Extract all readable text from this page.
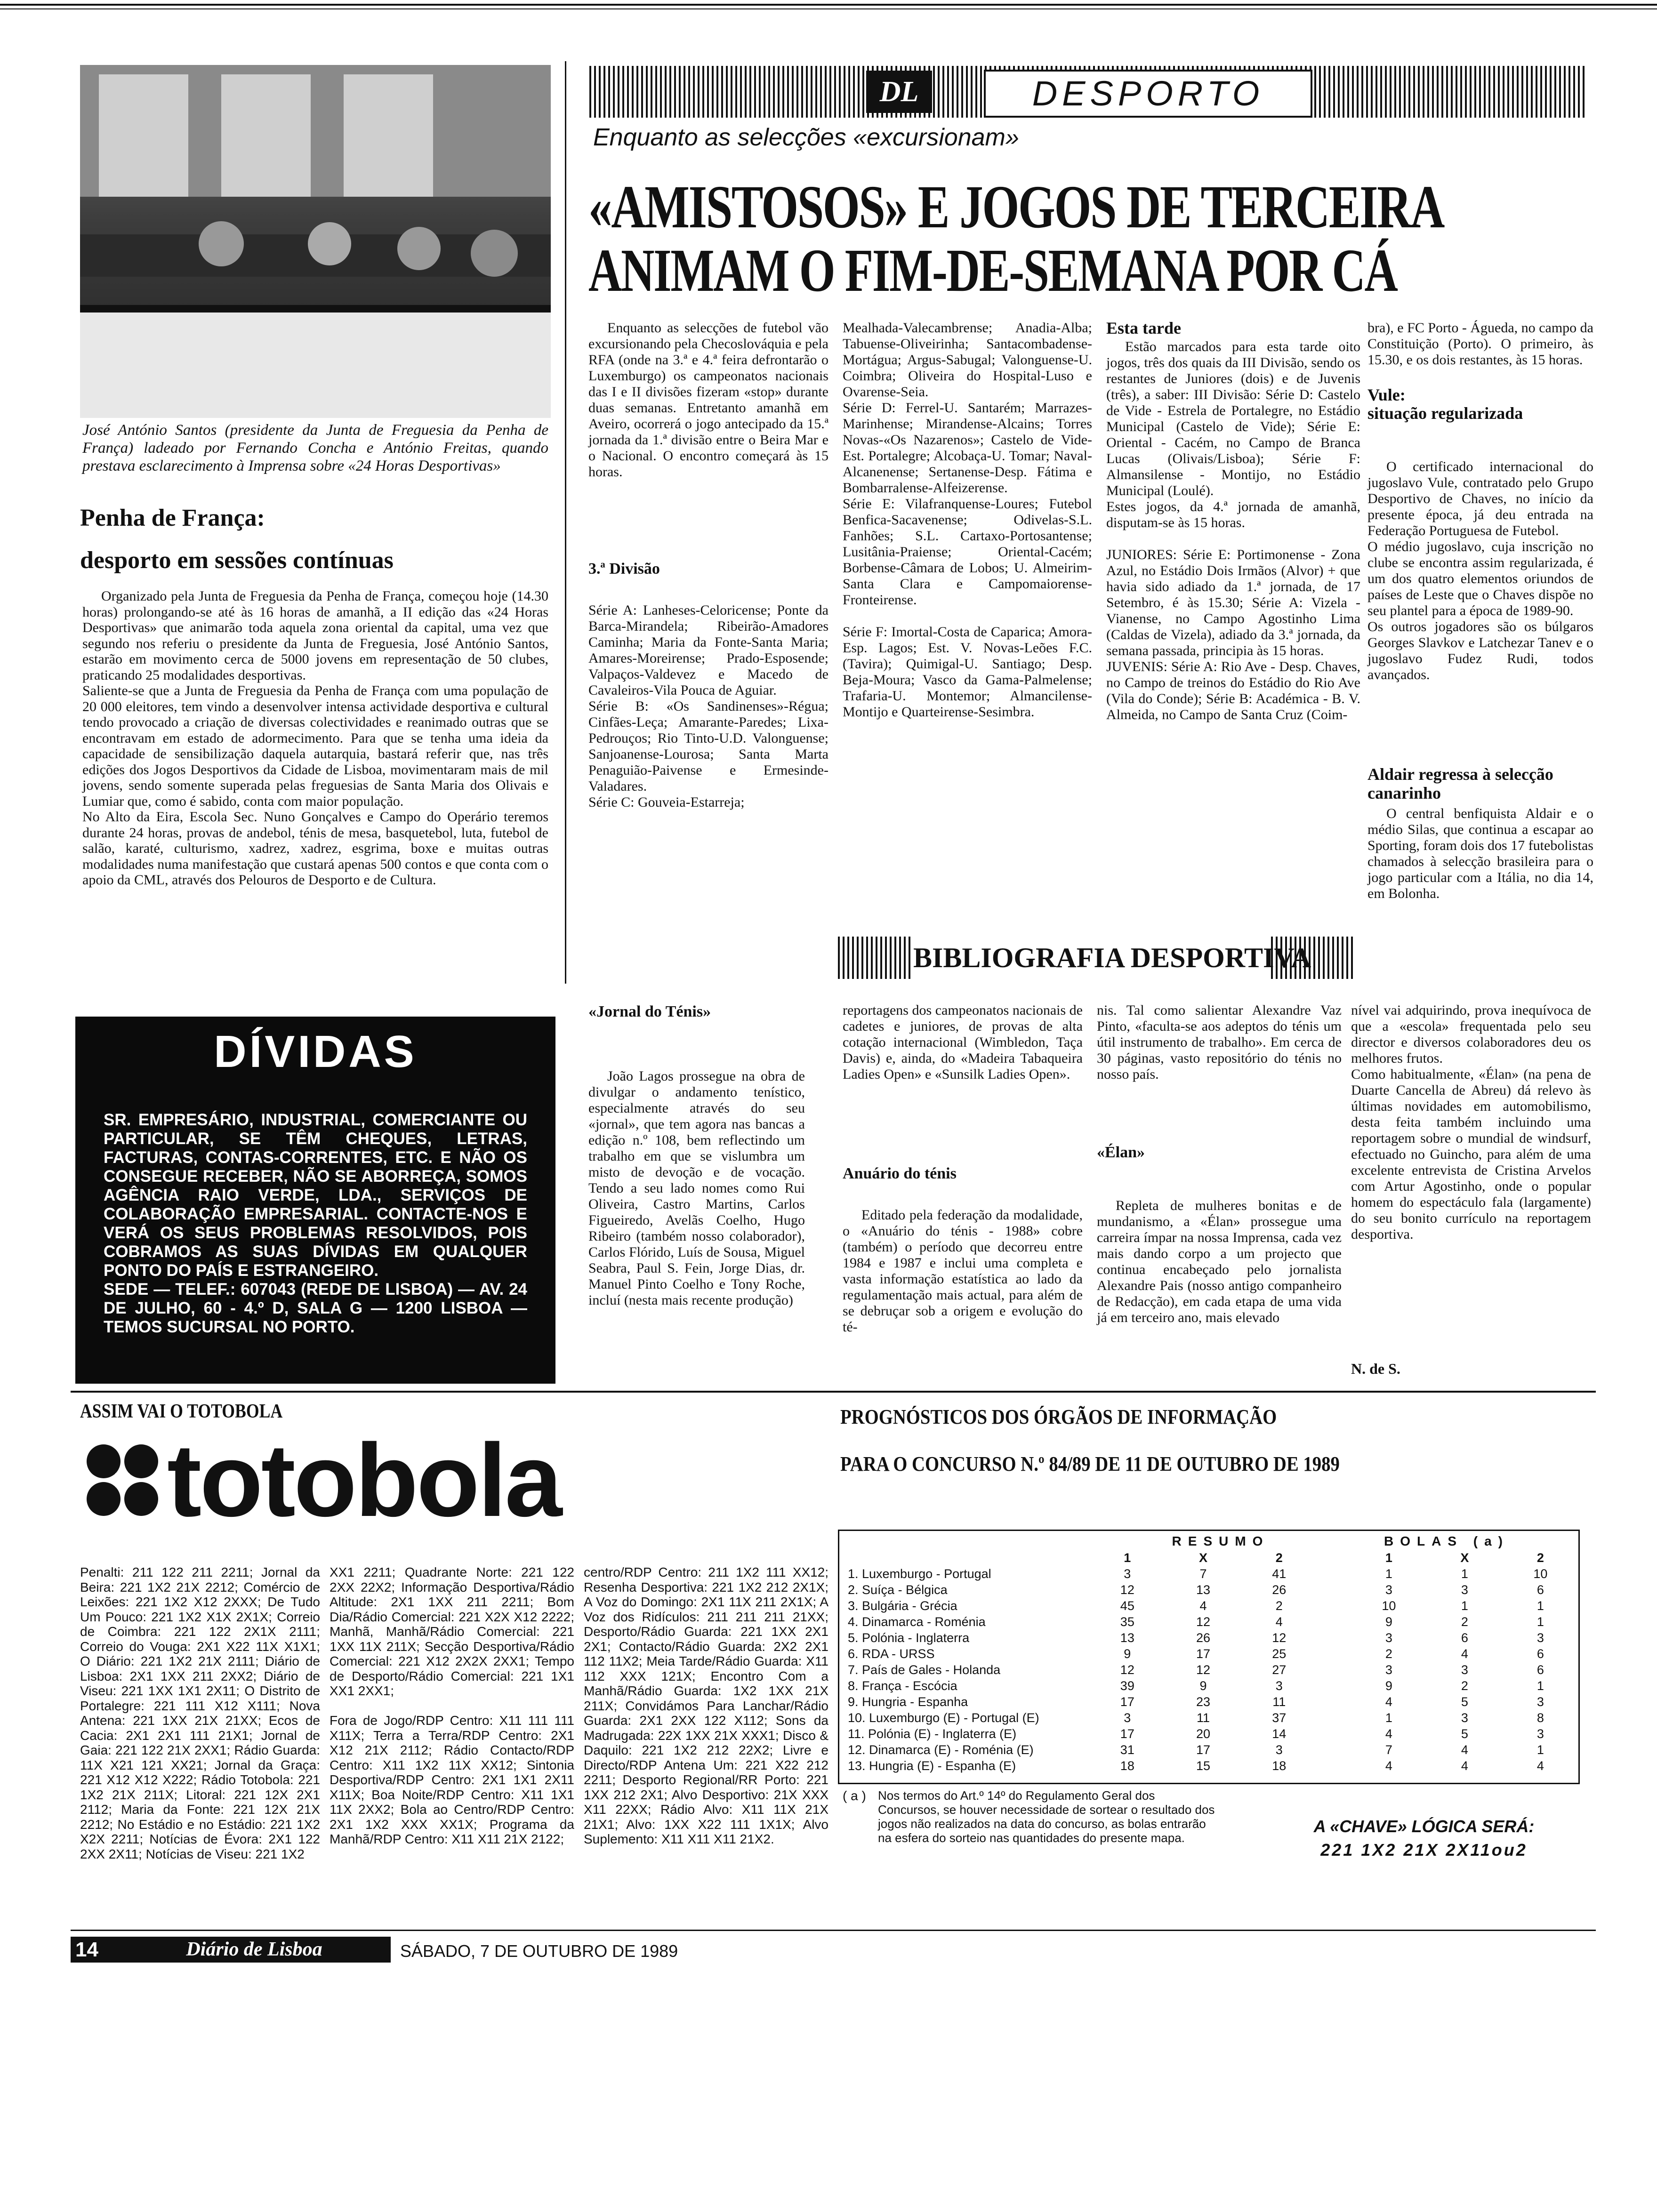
José António Santos (presidente da Junta de Freguesia da Penha de França) ladeado por Fernando Concha e António Freitas, quando prestava esclarecimento à Imprensa sobre «24 Horas Desportivas»
Penha de França:
desporto em sessões contínuas
Organizado pela Junta de Freguesia da Penha de França, começou hoje (14.30 horas) prolongando-se até às 16 horas de amanhã, a II edição das «24 Horas Desportivas» que animarão toda aquela zona oriental da capital, uma vez que segundo nos referiu o presidente da Junta de Freguesia, José António Santos, estarão em movimento cerca de 5000 jovens em representação de 50 clubes, praticando 25 modalidades desportivas.
Saliente-se que a Junta de Freguesia da Penha de França com uma população de 20 000 eleitores, tem vindo a desenvolver intensa actividade desportiva e cultural tendo provocado a criação de diversas colectividades e reanimado outras que se encontravam em estado de adormecimento. Para que se tenha uma ideia da capacidade de sensibilização daquela autarquia, bastará referir que, nas três edições dos Jogos Desportivos da Cidade de Lisboa, movimentaram mais de mil jovens, sendo somente superada pelas freguesias de Santa Maria dos Olivais e Lumiar que, como é sabido, conta com maior população.
No Alto da Eira, Escola Sec. Nuno Gonçalves e Campo do Operário teremos durante 24 horas, provas de andebol, ténis de mesa, basquetebol, luta, futebol de salão, karaté, culturismo, xadrez, xadrez, esgrima, boxe e muitas outras modalidades numa manifestação que custará apenas 500 contos e que conta com o apoio da CML, através dos Pelouros de Desporto e de Cultura.
DL	DESPORTO
Enquanto as selecções «excursionam»
«AMISTOSOS» E JOGOS DE TERCEIRA
ANIMAM O FIM-DE-SEMANA POR CÁ
Enquanto as selecções de futebol vão excursionando pela Checoslováquia e pela RFA (onde na 3.ª e 4.ª feira defrontarão o Luxemburgo) os campeonatos nacionais das I e II divisões fizeram «stop» durante duas semanas. Entretanto amanhã em Aveiro, ocorrerá o jogo antecipado da 15.ª jornada da 1.ª divisão entre o Beira Mar e o Nacional. O encontro começará às 15 horas.
3.ª Divisão
Série A: Lanheses-Celoricense; Ponte da Barca-Mirandela; Ribeirão-Amadores Caminha; Maria da Fonte-Santa Maria; Amares-Moreirense; Prado-Esposende; Valpaços-Valdevez e Macedo de Cavaleiros-Vila Pouca de Aguiar.
Série B: «Os Sandinenses»-Régua; Cinfães-Leça; Amarante-Paredes; Lixa-Pedrouços; Rio Tinto-U.D. Valonguense; Sanjoanense-Lourosa; Santa Marta Penaguião-Paivense e Ermesinde-Valadares.
Série C: Gouveia-Estarreja;
Mealhada-Valecambrense; Anadia-Alba; Tabuense-Oliveirinha; Santacombadense-Mortágua; Argus-Sabugal; Valonguense-U. Coimbra; Oliveira do Hospital-Luso e Ovarense-Seia.
Série D: Ferrel-U. Santarém; Marrazes-Marinhense; Mirandense-Alcains; Torres Novas-«Os Nazarenos»; Castelo de Vide-Est. Portalegre; Alcobaça-U. Tomar; Naval-Alcanenense; Sertanense-Desp. Fátima e Bombarralense-Alfeizerense.
Série E: Vilafranquense-Loures; Futebol Benfica-Sacavenense; Odivelas-S.L. Fanhões; S.L. Cartaxo-Portosantense; Lusitânia-Praiense; Oriental-Cacém; Borbense-Câmara de Lobos; U. Almeirim-Santa Clara e Campomaiorense-Fronteirense.

Série F: Imortal-Costa de Caparica; Amora-Esp. Lagos; Est. V. Novas-Leões F.C. (Tavira); Quimigal-U. Santiago; Desp. Beja-Moura; Vasco da Gama-Palmelense; Trafaria-U. Montemor; Almancilense-Montijo e Quarteirense-Sesimbra.
Esta tarde
Estão marcados para esta tarde oito jogos, três dos quais da III Divisão, sendo os restantes de Juniores (dois) e de Juvenis (três), a saber: III Divisão: Série D: Castelo de Vide - Estrela de Portalegre, no Estádio Municipal (Castelo de Vide); Série E: Oriental - Cacém, no Campo de Branca Lucas (Olivais/Lisboa); Série F: Almansilense - Montijo, no Estádio Municipal (Loulé).
Estes jogos, da 4.ª jornada de amanhã, disputam-se às 15 horas.

JUNIORES: Série E: Portimonense - Zona Azul, no Estádio Dois Irmãos (Alvor) + que havia sido adiado da 1.ª jornada, de 17 Setembro, é às 15.30; Série A: Vizela - Vianense, no Campo Agostinho Lima (Caldas de Vizela), adiado da 3.ª jornada, da semana passada, principia às 15 horas.
JUVENIS: Série A: Rio Ave - Desp. Chaves, no Campo de treinos do Estádio do Rio Ave (Vila do Conde); Série B: Académica - B. V. Almeida, no Campo de Santa Cruz (Coim-
bra), e FC Porto - Águeda, no campo da Constituição (Porto). O primeiro, às 15.30, e os dois restantes, às 15 horas.
Vule:
situação regularizada
O certificado internacional do jugoslavo Vule, contratado pelo Grupo Desportivo de Chaves, no início da presente época, já deu entrada na Federação Portuguesa de Futebol.
O médio jugoslavo, cuja inscrição no clube se encontra assim regularizada, é um dos quatro elementos oriundos de países de Leste que o Chaves dispõe no seu plantel para a época de 1989-90.
Os outros jogadores são os búlgaros Georges Slavkov e Latchezar Tanev e o jugoslavo Fudez Rudi, todos avançados.
Aldair regressa à selecção canarinho
O central benfiquista Aldair e o médio Silas, que continua a escapar ao Sporting, foram dois dos 17 futebolistas chamados à selecção brasileira para o jogo particular com a Itália, no dia 14, em Bolonha.
BIBLIOGRAFIA DESPORTIVA
«Jornal do Ténis»
João Lagos prossegue na obra de divulgar o andamento tenístico, especialmente através do seu «jornal», que tem agora nas bancas a edição n.º 108, bem reflectindo um trabalho em que se vislumbra um misto de devoção e de vocação. Tendo a seu lado nomes como Rui Oliveira, Castro Martins, Carlos Figueiredo, Avelãs Coelho, Hugo Ribeiro (também nosso colaborador), Carlos Flórido, Luís de Sousa, Miguel Seabra, Paul S. Fein, Jorge Dias, dr. Manuel Pinto Coelho e Tony Roche, incluí (nesta mais recente produção)
reportagens dos campeonatos nacionais de cadetes e juniores, de provas de alta cotação internacional (Wimbledon, Taça Davis) e, ainda, do «Madeira Tabaqueira Ladies Open» e «Sunsilk Ladies Open».
Anuário do ténis
Editado pela federação da modalidade, o «Anuário do ténis - 1988» cobre (também) o período que decorreu entre 1984 e 1987 e inclui uma completa e vasta informação estatística ao lado da regulamentação mais actual, para além de se debruçar sob a origem e evolução do té-
nis. Tal como salientar Alexandre Vaz Pinto, «faculta-se aos adeptos do ténis um útil instrumento de trabalho». Em cerca de 30 páginas, vasto repositório do ténis no nosso país.
«Élan»
Repleta de mulheres bonitas e de mundanismo, a «Élan» prossegue uma carreira ímpar na nossa Imprensa, cada vez mais dando corpo a um projecto que continua encabeçado pelo jornalista Alexandre Pais (nosso antigo companheiro de Redacção), em cada etapa de uma vida já em terceiro ano, mais elevado
nível vai adquirindo, prova inequívoca de que a «escola» frequentada pelo seu director e diversos colaboradores deu os melhores frutos.
Como habitualmente, «Élan» (na pena de Duarte Cancella de Abreu) dá relevo às últimas novidades em automobilismo, desta feita também incluindo uma reportagem sobre o mundial de windsurf, efectuado no Guincho, para além de uma excelente entrevista de Cristina Arvelos com Artur Agostinho, onde o popular homem do espectáculo fala (largamente) do seu bonito currículo na reportagem desportiva.
N. de S.
DÍVIDAS
SR. EMPRESÁRIO, INDUSTRIAL, COMERCIANTE OU PARTICULAR, SE TÊM CHEQUES, LETRAS, FACTURAS, CONTAS-CORRENTES, ETC. E NÃO OS CONSEGUE RECEBER, NÃO SE ABORREÇA, SOMOS AGÊNCIA RAIO VERDE, LDA., SERVIÇOS DE COLABORAÇÃO EMPRESARIAL. CONTACTE-NOS E VERÁ OS SEUS PROBLEMAS RESOLVIDOS, POIS COBRAMOS AS SUAS DÍVIDAS EM QUALQUER PONTO DO PAÍS E ESTRANGEIRO.
SEDE — TELEF.: 607043 (REDE DE LISBOA) — AV. 24 DE JULHO, 60 - 4.º D, SALA G — 1200 LISBOA — TEMOS SUCURSAL NO PORTO.
ASSIM VAI O TOTOBOLA
totobola
PROGNÓSTICOS DOS ÓRGÃOS DE INFORMAÇÃO
PARA O CONCURSO N.º 84/89 DE 11 DE OUTUBRO DE 1989
Penalti: 211 122 211 2211; Jornal da Beira: 221 1X2 21X 2212; Comércio de Leixões: 221 1X2 X12 2XXX; De Tudo Um Pouco: 221 1X2 X1X 2X1X; Correio de Coimbra: 221 122 2X1X 2111; Correio do Vouga: 2X1 X22 11X X1X1; O Diário: 221 1X2 21X 2111; Diário de Lisboa: 2X1 1XX 211 2XX2; Diário de Viseu: 221 1XX 1X1 2X11; O Distrito de Portalegre: 221 111 X12 X111; Nova Antena: 221 1XX 21X 21XX; Ecos de Cacia: 2X1 2X1 111 21X1; Jornal de Gaia: 221 122 21X 2XX1; Rádio Guarda: 11X X21 121 XX21; Jornal da Graça: 221 X12 X12 X222; Rádio Totobola: 221 1X2 21X 211X; Litoral: 221 12X 2X1 2112; Maria da Fonte: 221 12X 21X 2212; No Estádio e no Estádio: 221 1X2 X2X 2211; Notícias de Évora: 2X1 122 2XX 2X11; Notícias de Viseu: 221 1X2
XX1 2211; Quadrante Norte: 221 122 2XX 22X2; Informação Desportiva/Rádio Altitude: 2X1 1XX 211 2211; Bom Dia/Rádio Comercial: 221 X2X X12 2222; Manhã, Manhã/Rádio Comercial: 221 1XX 11X 211X; Secção Desportiva/Rádio Comercial: 221 X12 2X2X 2XX1; Tempo de Desporto/Rádio Comercial: 221 1X1 XX1 2XX1;

Fora de Jogo/RDP Centro: X11 111 111 X11X; Terra a Terra/RDP Centro: 2X1 X12 21X 2112; Rádio Contacto/RDP Centro: X11 1X2 11X XX12; Sintonia Desportiva/RDP Centro: 2X1 1X1 2X11 X11X; Boa Noite/RDP Centro: X11 1X1 11X 2XX2; Bola ao Centro/RDP Centro: 2X1 1X2 XXX XX1X; Programa da Manhã/RDP Centro: X11 X11 21X 2122;
centro/RDP Centro: 211 1X2 111 XX12; Resenha Desportiva: 221 1X2 212 2X1X; A Voz do Domingo: 2X1 11X 211 2X1X; A Voz dos Ridículos: 211 211 211 21XX; Desporto/Rádio Guarda: 221 1XX 2X1 2X1; Contacto/Rádio Guarda: 2X2 2X1 112 11X2; Meia Tarde/Rádio Guarda: X11 112 XXX 121X; Encontro Com a Manhã/Rádio Guarda: 1X2 1XX 21X 211X; Convidámos Para Lanchar/Rádio Guarda: 2X1 2XX 122 X112; Sons da Madrugada: 22X 1XX 21X XXX1; Disco & Daquilo: 221 1X2 212 22X2; Livre e Directo/RDP Antena Um: 221 X22 212 2211; Desporto Regional/RR Porto: 221 1XX 212 2X1; Alvo Desportivo: 21X XXX X11 22XX; Rádio Alvo: X11 11X 21X 21X1; Alvo: 1XX X22 111 1X1X; Alvo Suplemento: X11 X11 X11 21X2.
RESUMO	BOLAS (a)
	1	X	2	1	X	2
1. Luxemburgo - Portugal	3	7	41	1	1	10
2. Suíça - Bélgica	12	13	26	3	3	6
3. Bulgária - Grécia	45	4	2	10	1	1
4. Dinamarca - Roménia	35	12	4	9	2	1
5. Polónia - Inglaterra	13	26	12	3	6	3
6. RDA - URSS	9	17	25	2	4	6
7. País de Gales - Holanda	12	12	27	3	3	6
8. França - Escócia	39	9	3	9	2	1
9. Hungria - Espanha	17	23	11	4	5	3
10. Luxemburgo (E) - Portugal (E)	3	11	37	1	3	8
11. Polónia (E) - Inglaterra (E)	17	20	14	4	5	3
12. Dinamarca (E) - Roménia (E)	31	17	3	7	4	1
13. Hungria (E) - Espanha (E)	18	15	18	4	4	4
( a ) Nos termos do Art.º 14º do Regulamento Geral dos Concursos, se houver necessidade de sortear o resultado dos jogos não realizados na data do concurso, as bolas entrarão na esfera do sorteio nas quantidades do presente mapa.
A «CHAVE» LÓGICA SERÁ:
221 1X2 21X 2X11ou2
14	Diário de Lisboa	SÁBADO, 7 DE OUTUBRO DE 1989
